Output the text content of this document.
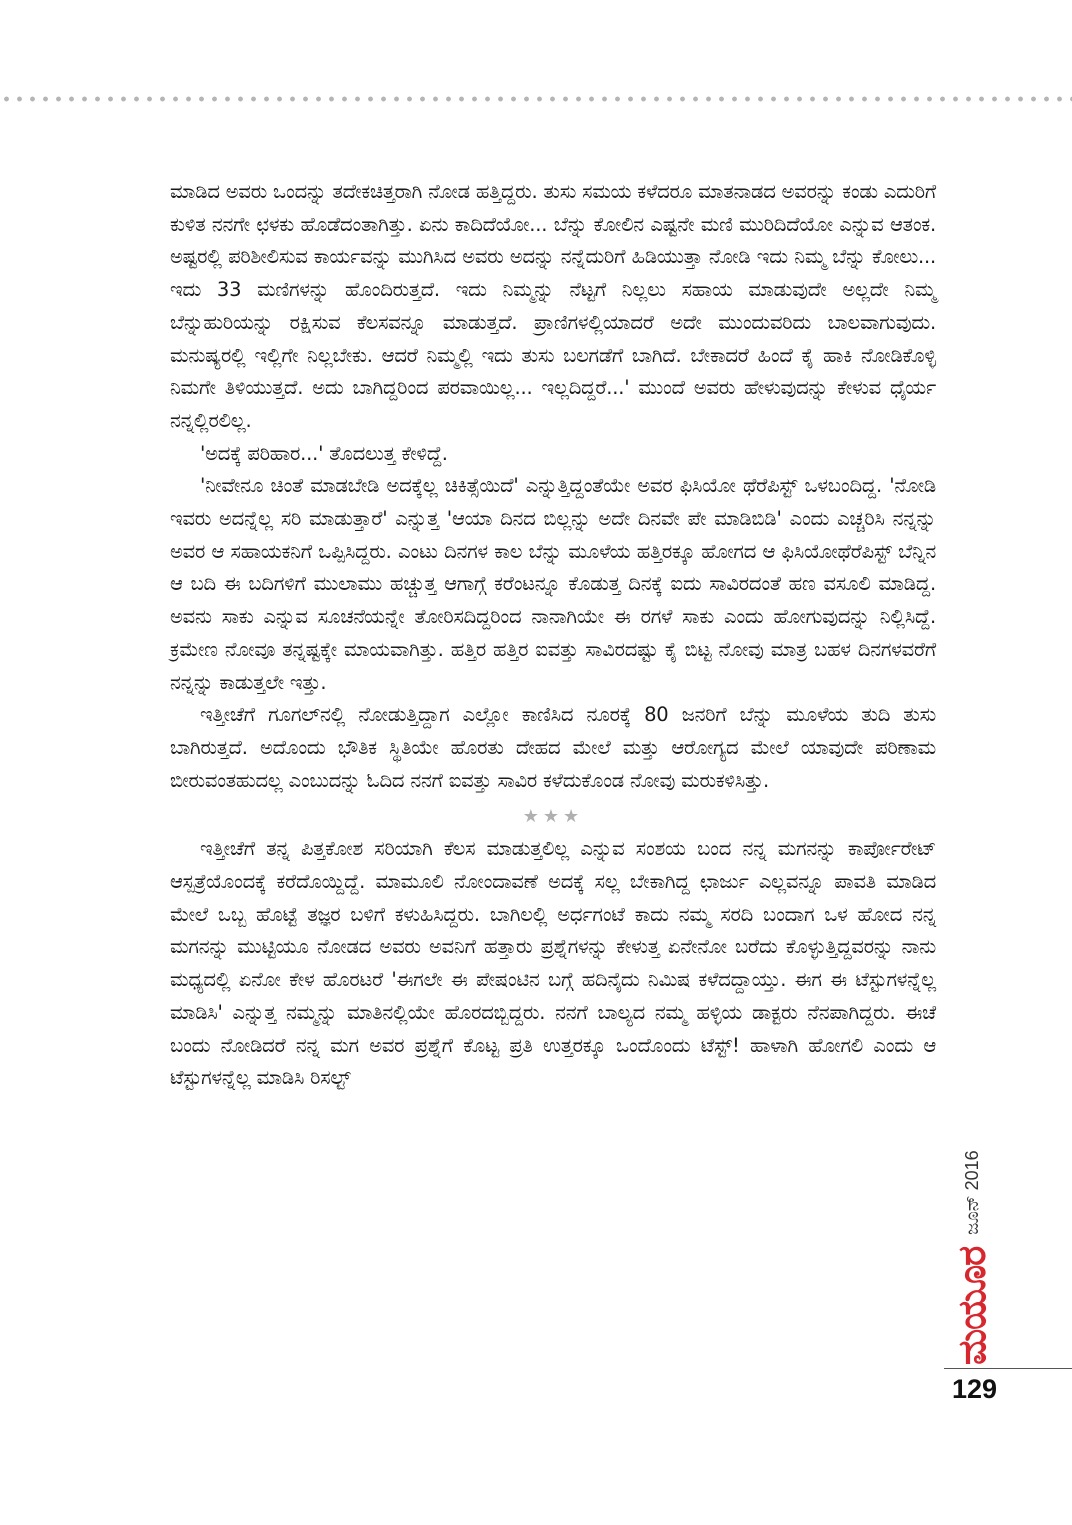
ಮಾಡಿದ ಅವರು ಒಂದನ್ನು ತದೇಕಚಿತ್ತರಾಗಿ ನೋಡ ಹತ್ತಿದ್ದರು. ತುಸು ಸಮಯ ಕಳೆದರೂ ಮಾತನಾಡದ ಅವರನ್ನು ಕಂಡು ಎದುರಿಗೆ ಕುಳಿತ ನನಗೇ ಛಳಕು ಹೊಡೆದಂತಾಗಿತ್ತು. ಏನು ಕಾದಿದೆಯೋ... ಬೆನ್ನು ಕೋಲಿನ ಎಷ್ಟನೇ ಮಣಿ ಮುರಿದಿದೆಯೋ ಎನ್ನುವ ಆತಂಕ. ಅಷ್ಟರಲ್ಲಿ ಪರಿಶೀಲಿಸುವ ಕಾರ್ಯವನ್ನು ಮುಗಿಸಿದ ಅವರು ಅದನ್ನು ನನ್ನೆದುರಿಗೆ ಹಿಡಿಯುತ್ತಾ ನೋಡಿ ಇದು ನಿಮ್ಮ ಬೆನ್ನು ಕೋಲು... ಇದು 33 ಮಣಿಗಳನ್ನು ಹೊಂದಿರುತ್ತದೆ. ಇದು ನಿಮ್ಮನ್ನು ನೆಟ್ಟಗೆ ನಿಲ್ಲಲು ಸಹಾಯ ಮಾಡುವುದೇ ಅಲ್ಲದೇ ನಿಮ್ಮ ಬೆನ್ನುಹುರಿಯನ್ನು ರಕ್ಷಿಸುವ ಕೆಲಸವನ್ನೂ ಮಾಡುತ್ತದೆ. ಪ್ರಾಣಿಗಳಲ್ಲಿಯಾದರೆ ಅದೇ ಮುಂದುವರಿದು ಬಾಲವಾಗುವುದು. ಮನುಷ್ಯರಲ್ಲಿ ಇಲ್ಲಿಗೇ ನಿಲ್ಲಬೇಕು. ಆದರೆ ನಿಮ್ಮಲ್ಲಿ ಇದು ತುಸು ಬಲಗಡೆಗೆ ಬಾಗಿದೆ. ಬೇಕಾದರೆ ಹಿಂದೆ ಕೈ ಹಾಕಿ ನೋಡಿಕೊಳ್ಳಿ ನಿಮಗೇ ತಿಳಿಯುತ್ತದೆ. ಅದು ಬಾಗಿದ್ದರಿಂದ ಪರವಾಯಿಲ್ಲ... ಇಲ್ಲದಿದ್ದರೆ...' ಮುಂದೆ ಅವರು ಹೇಳುವುದನ್ನು ಕೇಳುವ ಧೈರ್ಯ ನನ್ನಲ್ಲಿರಲಿಲ್ಲ.

'ಅದಕ್ಕೆ ಪರಿಹಾರ...' ತೊದಲುತ್ತ ಕೇಳಿದ್ದೆ.

'ನೀವೇನೂ ಚಿಂತೆ ಮಾಡಬೇಡಿ ಅದಕ್ಕೆಲ್ಲ ಚಿಕಿತ್ಸೆಯಿದೆ' ಎನ್ನುತ್ತಿದ್ದಂತೆಯೇ ಅವರ ಫಿಸಿಯೋ ಥೆರೆಪಿಸ್ಟ್ ಒಳಬಂದಿದ್ದ. 'ನೋಡಿ ಇವರು ಅದನ್ನೆಲ್ಲ ಸರಿ ಮಾಡುತ್ತಾರೆ' ಎನ್ನುತ್ತ 'ಆಯಾ ದಿನದ ಬಿಲ್ಲನ್ನು ಅದೇ ದಿನವೇ ಪೇ ಮಾಡಿಬಿಡಿ' ಎಂದು ಎಚ್ಚರಿಸಿ ನನ್ನನ್ನು ಅವರ ಆ ಸಹಾಯಕನಿಗೆ ಒಪ್ಪಿಸಿದ್ದರು. ಎಂಟು ದಿನಗಳ ಕಾಲ ಬೆನ್ನು ಮೂಳೆಯ ಹತ್ತಿರಕ್ಕೂ ಹೋಗದ ಆ ಫಿಸಿಯೋಥೆರೆಪಿಸ್ಟ್ ಬೆನ್ನಿನ ಆ ಬದಿ ಈ ಬದಿಗಳಿಗೆ ಮುಲಾಮು ಹಚ್ಚುತ್ತ ಆಗಾಗ್ಗೆ ಕರೆಂಟನ್ನೂ ಕೊಡುತ್ತ ದಿನಕ್ಕೆ ಐದು ಸಾವಿರದಂತೆ ಹಣ ವಸೂಲಿ ಮಾಡಿದ್ದ. ಅವನು ಸಾಕು ಎನ್ನುವ ಸೂಚನೆಯನ್ನೇ ತೋರಿಸದಿದ್ದರಿಂದ ನಾನಾಗಿಯೇ ಈ ರಗಳೆ ಸಾಕು ಎಂದು ಹೋಗುವುದನ್ನು ನಿಲ್ಲಿಸಿದ್ದೆ. ಕ್ರಮೇಣ ನೋವೂ ತನ್ನಷ್ಟಕ್ಕೇ ಮಾಯವಾಗಿತ್ತು. ಹತ್ತಿರ ಹತ್ತಿರ ಐವತ್ತು ಸಾವಿರದಷ್ಟು ಕೈ ಬಿಟ್ಟ ನೋವು ಮಾತ್ರ ಬಹಳ ದಿನಗಳವರೆಗೆ ನನ್ನನ್ನು ಕಾಡುತ್ತಲೇ ಇತ್ತು.

ಇತ್ತೀಚೆಗೆ ಗೂಗಲ್‌ನಲ್ಲಿ ನೋಡುತ್ತಿದ್ದಾಗ ಎಲ್ಲೋ ಕಾಣಿಸಿದ ನೂರಕ್ಕೆ 80 ಜನರಿಗೆ ಬೆನ್ನು ಮೂಳೆಯ ತುದಿ ತುಸು ಬಾಗಿರುತ್ತದೆ. ಅದೊಂದು ಭೌತಿಕ ಸ್ಥಿತಿಯೇ ಹೊರತು ದೇಹದ ಮೇಲೆ ಮತ್ತು ಆರೋಗ್ಯದ ಮೇಲೆ ಯಾವುದೇ ಪರಿಣಾಮ ಬೀರುವಂತಹುದಲ್ಲ ಎಂಬುದನ್ನು ಓದಿದ ನನಗೆ ಐವತ್ತು ಸಾವಿರ ಕಳೆದುಕೊಂಡ ನೋವು ಮರುಕಳಿಸಿತ್ತು.

★★★

ಇತ್ತೀಚೆಗೆ ತನ್ನ ಪಿತ್ತಕೋಶ ಸರಿಯಾಗಿ ಕೆಲಸ ಮಾಡುತ್ತಲಿಲ್ಲ ಎನ್ನುವ ಸಂಶಯ ಬಂದ ನನ್ನ ಮಗನನ್ನು ಕಾರ್ಪೋರೇಟ್ ಆಸ್ಪತ್ರೆಯೊಂದಕ್ಕೆ ಕರೆದೊಯ್ದಿದ್ದೆ. ಮಾಮೂಲಿ ನೋಂದಾವಣೆ ಅದಕ್ಕೆ ಸಲ್ಲ ಬೇಕಾಗಿದ್ದ ಛಾರ್ಜು ಎಲ್ಲವನ್ನೂ ಪಾವತಿ ಮಾಡಿದ ಮೇಲೆ ಒಬ್ಬ ಹೊಟ್ಟೆ ತಜ್ಞರ ಬಳಿಗೆ ಕಳುಹಿಸಿದ್ದರು. ಬಾಗಿಲಲ್ಲಿ ಅರ್ಧಗಂಟೆ ಕಾದು ನಮ್ಮ ಸರದಿ ಬಂದಾಗ ಒಳ ಹೋದ ನನ್ನ ಮಗನನ್ನು ಮುಟ್ಟಿಯೂ ನೋಡದ ಅವರು ಅವನಿಗೆ ಹತ್ತಾರು ಪ್ರಶ್ನೆಗಳನ್ನು ಕೇಳುತ್ತ ಏನೇನೋ ಬರೆದು ಕೊಳ್ಳುತ್ತಿದ್ದವರನ್ನು ನಾನು ಮಧ್ಯದಲ್ಲಿ ಏನೋ ಕೇಳ ಹೊರಟರೆ 'ಈಗಲೇ ಈ ಪೇಷಂಟಿನ ಬಗ್ಗೆ ಹದಿನೈದು ನಿಮಿಷ ಕಳೆದದ್ದಾಯ್ತು. ಈಗ ಈ ಟೆಸ್ಟುಗಳನ್ನೆಲ್ಲ ಮಾಡಿಸಿ' ಎನ್ನುತ್ತ ನಮ್ಮನ್ನು ಮಾತಿನಲ್ಲಿಯೇ ಹೊರದಬ್ಬಿದ್ದರು. ನನಗೆ ಬಾಲ್ಯದ ನಮ್ಮ ಹಳ್ಳಿಯ ಡಾಕ್ಟರು ನೆನಪಾಗಿದ್ದರು. ಈಚೆ ಬಂದು ನೋಡಿದರೆ ನನ್ನ ಮಗ ಅವರ ಪ್ರಶ್ನೆಗೆ ಕೊಟ್ಟ ಪ್ರತಿ ಉತ್ತರಕ್ಕೂ ಒಂದೊಂದು ಟೆಸ್ಟ್! ಹಾಳಾಗಿ ಹೋಗಲಿ ಎಂದು ಆ ಟೆಸ್ಟುಗಳನ್ನೆಲ್ಲ ಮಾಡಿಸಿ ರಿಸಲ್ಟ್

ಮಯೂರ
ಜೂನ್ 2016
129
